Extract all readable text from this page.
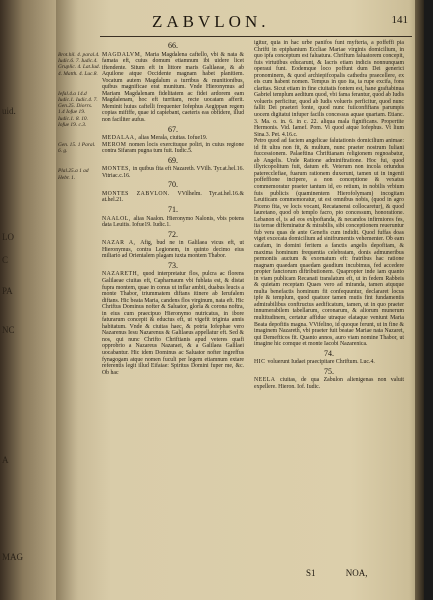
uid.
LO
C
PA
NC
A
MAG
ZABVLON.	141
Brot.hil. 4. paral.4. Iudic.6. 7. Iudic.4. Gruplic. 4. Lat.Iud. 4. Matth. 4. Luc.8.
Iefal.4.a 14.d Iudic.1. Iudic.4. 7. Gen.25. Diorrs. 1.4 Iofue 19. Iudic.1. 8. 10. Iofue 19. c.3.
Gen. 15. 1 Paral. 6. g.
Plal.25.a 1 ad Hebr. 1.
66.

MAGDALVM, Maria Magdalena caftello, vbi & nata & famata eft, cuius domum etiamnum ibi uidere licet iftendente. Situm eft in littore maris Galilaeae, & ab Aquilone atque Occidente magnam habet planitiem. Vocatum autem Magdalum a turribus & munitionibus, quibus magnificae erat munitum. Vnde Hieronymus ad Mariam Magdalenam fidelitatem ac fidei ardorem eam Magdalenam, hoc eft turritam, recte uocatam afferit. Meminit huius caftelli frequenter Iofephus Aegippan regem copias mififfe, quae id capiebant, caeteris eas obfidere, illud non faciliter aufus.

67.

MEDALAA, alias Merala, ciuitas. Iofue19.

MEROM nomen locis exercituque poliri, in cuius regione contra Sifaram pugna tum fuit. Iudic.5.

69.

MONTES, in quibus fita eft Nazareth. VVilh. Tyr.at.hel.16. Vitriac.c.16.

70.

MONTES ZABVLON. VVilhelm. Tyr.at.hel.16.& at.hel.21.

71.

NAALOL, alias Naalon. Hieronymo Nalonis, vbis potens data Leuitis. Iofue19. Iudic.1.

72.

NAZAR A, Afig, bud ne in Galilaea vicus eft, ut Hieronymus, contra Legionem, in quinto decimo eius miliario ad Orientalem plagam iuxta montem Thabor.

73.

NAZARETH, quod interpretatur flos, pulcra ac florens Galilaeae ciuitas eft, Capharnaum vbi fublata est, & distat fupra montem, quae in conus ut inflar ambii, duabus leucis a monte Thabor, triummatem diftans itinere ab Ierufalem diftans. Hic beata Maria, candens flos virginum, nata eft. Hic Chriftus Dominus nofter & Saluator, gloria & corona noftra, in eius cum praecipuo Hieronymo nutricatus, in ibore faturarum concepit & eductus eft, ut vigefit triginta annis habitatum. Vnde & ciuitas haec, & potria Iofephae vero Nazarenus Iesu Nazarenus & Galilaeus appellatur eft. Sed & nos, qui nunc Chrifto Chriftianis apud veteres quafi opprobrio a Nazareus Nazaraei, & a Galilaea Galilaei uocabantur. Hic idem Dominus ac Saluator nofter ingreffus fynagogam atque nomen fuculi per legem etiamnum extare referentis legit illud Eifaiae: Spiritus Domini fuper me, &c. Ob hac

igitur, quia in hac urbe panifos funt myfteria, a poffeffi pia Chrifti in epiphanium Eccliae Mariae virginis domicilium, in quo ipfa conceptum est faluatura. Chriftum faluatorem concepit, fuis virtutibus educarunt, & Iacris etiam indicis nonnunquam operaui funt. Eodemque loco poffunt dum Dei generici pronominem, & quod archiepifcopalis cathedra praecellere, ex eis cum habent nomen. Tempus in quo ita, ta rupe excifa, fons claritas. Sicut etiam in fine ciuitatis fontem est, hane graftabinua Gabriel templum aeditum quod, vbi fama ferantur, quod ab Iudis volueris perficitur, quod ab Iudis volueris perficitur, quod nunc fallit Dei praeteri fonte, quod nunc fuiiconfiftans parumpis uocem digitatui infuper facilis concessus aquae quartam. Etianc. 3. Ma. o. in. 6. in c. 22. aliqua mala fignificans. Propertite Hermonis. Vid. Iamef. Pom. Vi quod atque Iofephus. Vt lium Sina.3. Pet. 4.16.c.

Petro quod ad faciem angelicae falutationis domicilium animae: id fit ultra non fit, & multum, nunc praeter nostrum Iuliani fuccessionem. Palaeftina Chriftianam religionem regnoabatur, ab Angelis. Unde Ratione adminiftratione. Hoc fui, quod illyricopolitum fuit, datum eft. Veterum non incola oriundus paterecclefiae, fuarum rationem duxerunt, tamen ut in ingenti poffeffione incipere, a non conceptione & vexatus commemoratur praeter tantum id, eo retium, in nobilis vrbium fuis publicis (quaminentem Hierofolymam) incogitam Leuiticam commemoratur, ut est omnibus nobis, (quod in agro Piceno fita, ve locis vocant, Recatanensi collocaretur), & quod lauretano, quod ob templo facro, pio concessum, honoratione. Lebanon el, is ad eos exlpoftanda, & necandos infirmiores fes, ita terrae diffeminatur & mirabilis, sibi conceptionem reueruntur fub vera quas de ante Genefis cum indidit. Quod fuffas doas viget excecata domicilium ad sinifrumentis vehementer. Ob eam caufam, in domini feritem a fanctis angelis depofitam, & maxima hominum frequentia celebratam, donis admuneribus permoniis auctum & exornatum eft: fratribus hac ratione magnam quaedam quaedam gaudium incubimus, fed accedere propter fanctorum diftributionem. Quapropter inde iam quanto in viam publicam Recanati translatum eft, ut in fedem Rabbeis & quietam receptam Quaes vero ad miranda, tamen atquque multa benefactis hominum fit confequuntur, declararet locus ipfe & templum, quod quatuor tamen mutis fint fundamentis admirabilibus conftructus aedificatum, tamen, ut in quo praeter innumerabilem tabellarum, coronarum, & aliorum munerum multitudinem, certatur affidue utraque elataque veniunt Maria Beata depofitis magna. VVifelino, id quoque ferunt, ut in fine & imaginem Nazareth, vbi praeter fuit beatae Mariae nata Nazaret, qui Demefticos fit. Quanto annos, auro viam nomine Thabor, ut imagine hic comque et monte Iacobi Nazarenica.

74.

HIC voluerunt Iudaei praecipitare Chriftum. Luc.4.

75.

NEELA ciuitas, de qua Zabulon alienigenas non valuit expellere. Hieron. Iof. Iudic.

S1	NOA,
